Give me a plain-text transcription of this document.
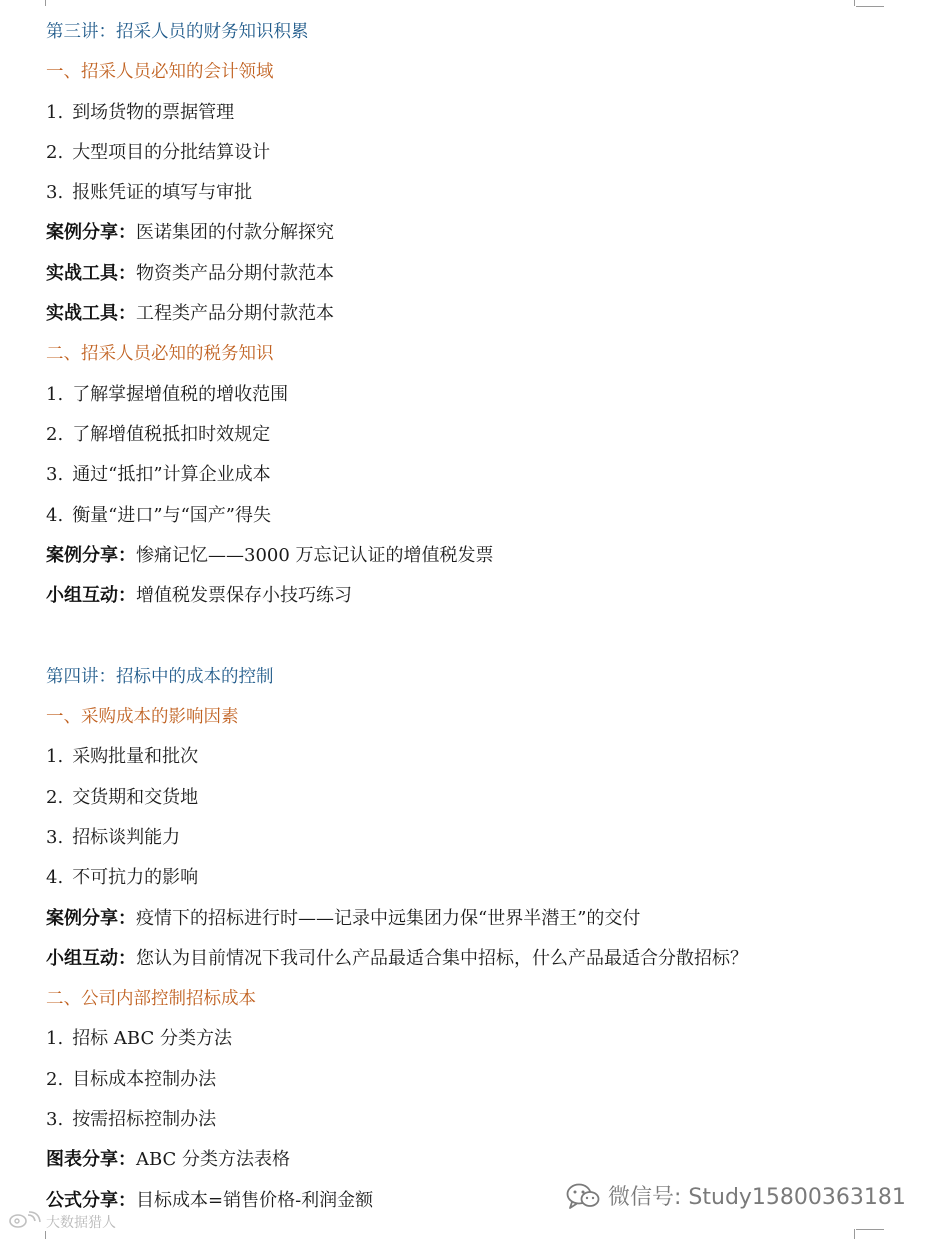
第三讲：招采人员的财务知识积累
一、招采人员必知的会计领域
1. 到场货物的票据管理
2. 大型项目的分批结算设计
3. 报账凭证的填写与审批
案例分享：医诺集团的付款分解探究
实战工具：物资类产品分期付款范本
实战工具：工程类产品分期付款范本
二、招采人员必知的税务知识
1. 了解掌握增值税的增收范围
2. 了解增值税抵扣时效规定
3. 通过“抵扣”计算企业成本
4. 衡量“进口”与“国产”得失
案例分享：惨痛记忆——3000 万忘记认证的增值税发票
小组互动：增值税发票保存小技巧练习
第四讲：招标中的成本的控制
一、采购成本的影响因素
1. 采购批量和批次
2. 交货期和交货地
3. 招标谈判能力
4. 不可抗力的影响
案例分享：疫情下的招标进行时——记录中远集团力保“世界半潜王”的交付
小组互动：您认为目前情况下我司什么产品最适合集中招标，什么产品最适合分散招标？
二、公司内部控制招标成本
1. 招标 ABC 分类方法
2. 目标成本控制办法
3. 按需招标控制办法
图表分享：ABC 分类方法表格
公式分享：目标成本=销售价格-利润金额	微信号: Study15800363181
大数据猎人
